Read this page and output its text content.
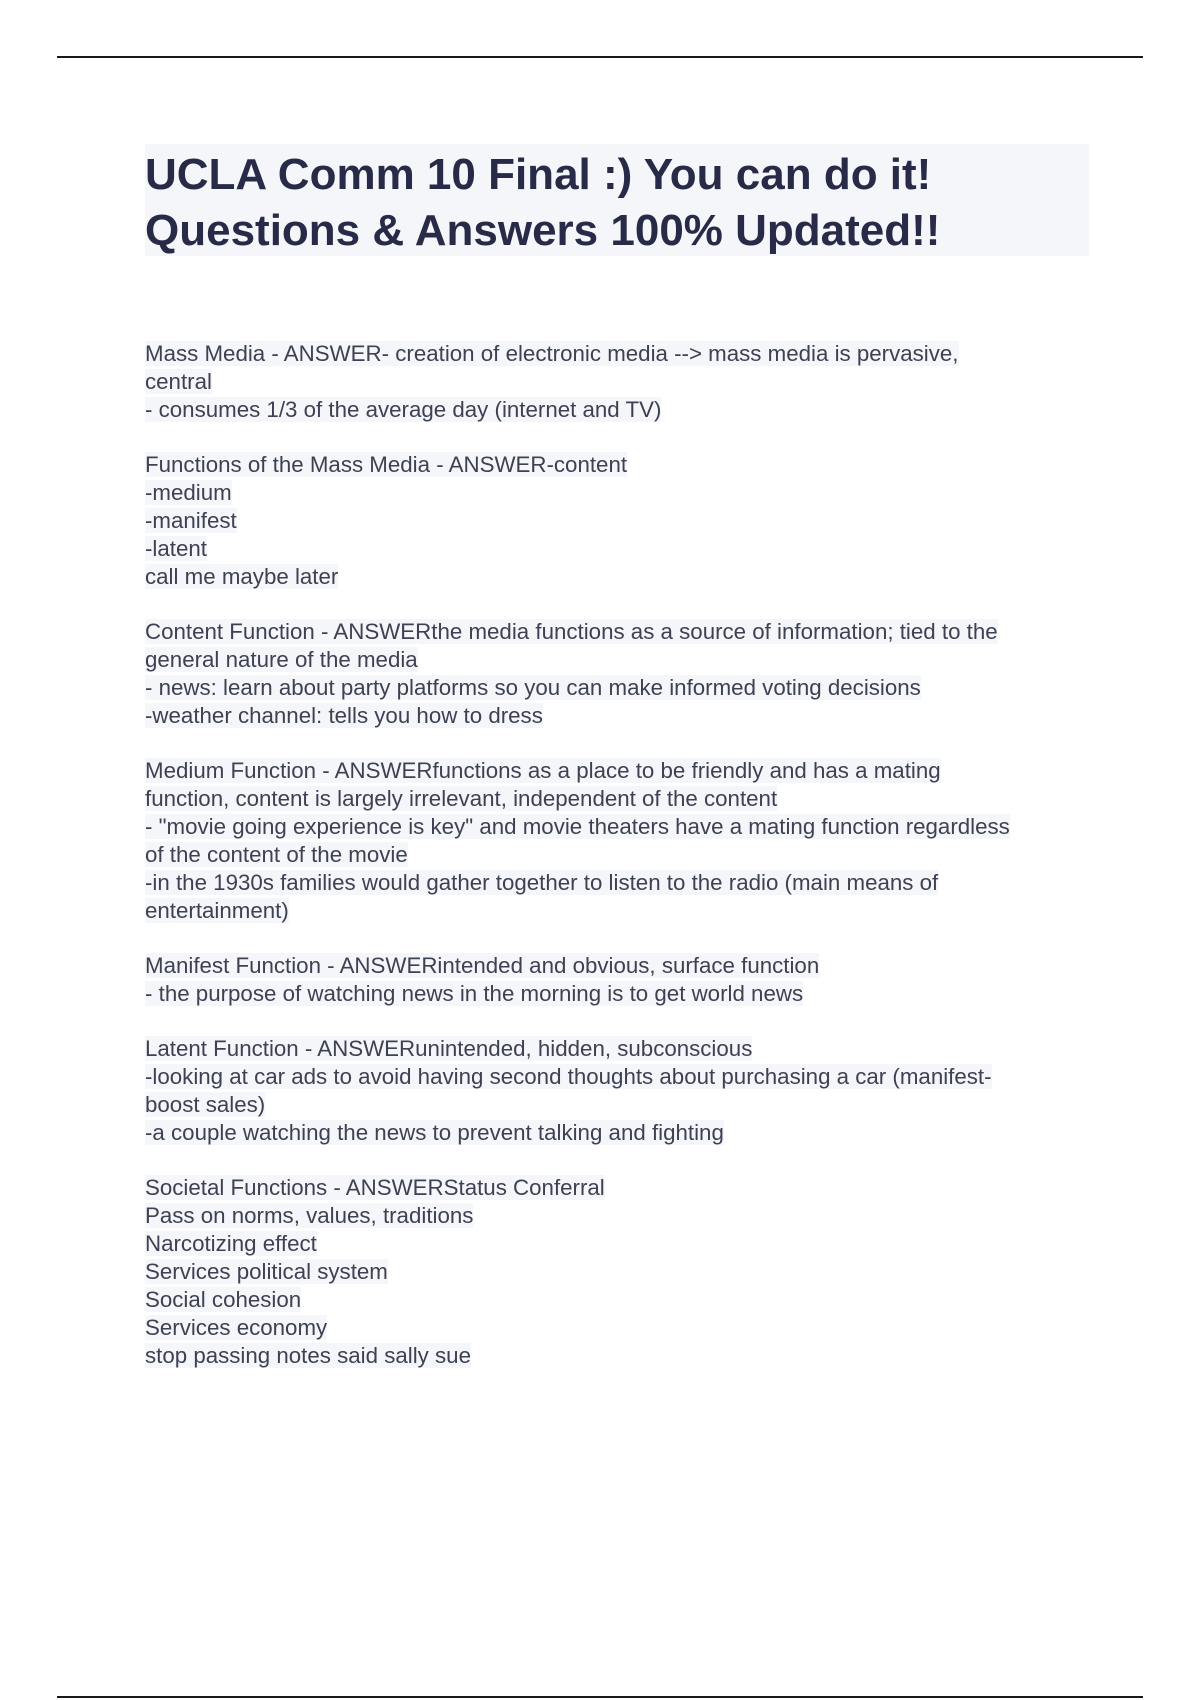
UCLA Comm 10 Final :) You can do it!
Questions & Answers 100% Updated!!
Mass Media - ANSWER- creation of electronic media --> mass media is pervasive,
central
- consumes 1/3 of the average day (internet and TV)
Functions of the Mass Media - ANSWER-content
-medium
-manifest
-latent
call me maybe later
Content Function - ANSWERthe media functions as a source of information; tied to the
general nature of the media
- news: learn about party platforms so you can make informed voting decisions
-weather channel: tells you how to dress
Medium Function - ANSWERfunctions as a place to be friendly and has a mating
function, content is largely irrelevant, independent of the content
- "movie going experience is key" and movie theaters have a mating function regardless
of the content of the movie
-in the 1930s families would gather together to listen to the radio (main means of
entertainment)
Manifest Function - ANSWERintended and obvious, surface function
- the purpose of watching news in the morning is to get world news
Latent Function - ANSWERunintended, hidden, subconscious
-looking at car ads to avoid having second thoughts about purchasing a car (manifest-
boost sales)
-a couple watching the news to prevent talking and fighting
Societal Functions - ANSWERStatus Conferral
Pass on norms, values, traditions
Narcotizing effect
Services political system
Social cohesion
Services economy
stop passing notes said sally sue
